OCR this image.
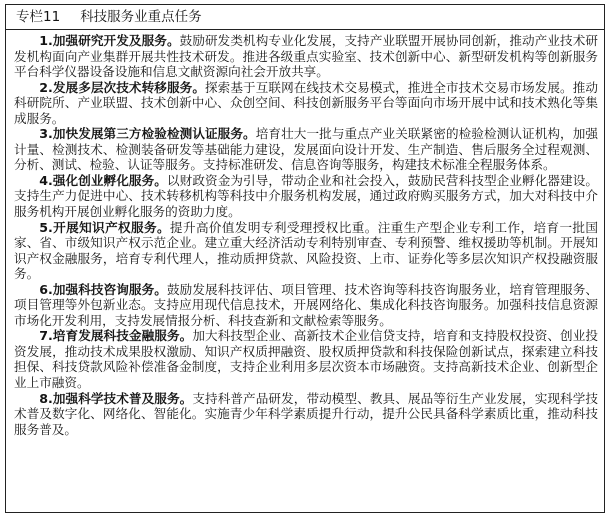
专栏11 科技服务业重点任务

1.加强研究开发及服务。鼓励研发类机构专业化发展，支持产业联盟开展协同创新，推动产业技术研发机构面向产业集群开展共性技术研发。推进各级重点实验室、技术创新中心、新型研发机构等创新服务平台科学仪器设备设施和信息文献资源向社会开放共享。

2.发展多层次技术转移服务。探索基于互联网在线技术交易模式，推进全市技术交易市场发展。推动科研院所、产业联盟、技术创新中心、众创空间、科技创新服务平台等面向市场开展中试和技术熟化等集成服务。

3.加快发展第三方检验检测认证服务。培育壮大一批与重点产业关联紧密的检验检测认证机构，加强计量、检测技术、检测装备研发等基础能力建设，发展面向设计开发、生产制造、售后服务全过程观测、分析、测试、检验、认证等服务。支持标准研发、信息咨询等服务，构建技术标准全程服务体系。

4.强化创业孵化服务。以财政资金为引导，带动企业和社会投入，鼓励民营科技型企业孵化器建设。支持生产力促进中心、技术转移机构等科技中介服务机构发展，通过政府购买服务方式，加大对科技中介服务机构开展创业孵化服务的资助力度。

5.开展知识产权服务。提升高价值发明专利受理授权比重。注重生产型企业专利工作，培育一批国家、省、市级知识产权示范企业。建立重大经济活动专利特别审查、专利预警、维权援助等机制。开展知识产权金融服务，培育专利代理人，推动质押贷款、风险投资、上市、证券化等多层次知识产权投融资服务。

6.加强科技咨询服务。鼓励发展科技评估、项目管理、技术咨询等科技咨询服务业，培育管理服务、项目管理等外包新业态。支持应用现代信息技术，开展网络化、集成化科技咨询服务。加强科技信息资源市场化开发利用，支持发展情报分析、科技查新和文献检索等服务。

7.培育发展科技金融服务。加大科技型企业、高新技术企业信贷支持，培育和支持股权投资、创业投资发展，推动技术成果股权激励、知识产权质押融资、股权质押贷款和科技保险创新试点，探索建立科技担保、科技贷款风险补偿准备金制度，支持企业利用多层次资本市场融资。支持高新技术企业、创新型企业上市融资。

8.加强科学技术普及服务。支持科普产品研发，带动模型、教具、展品等衍生产业发展，实现科学技术普及数字化、网络化、智能化。实施青少年科学素质提升行动，提升公民具备科学素质比重，推动科技服务普及。
